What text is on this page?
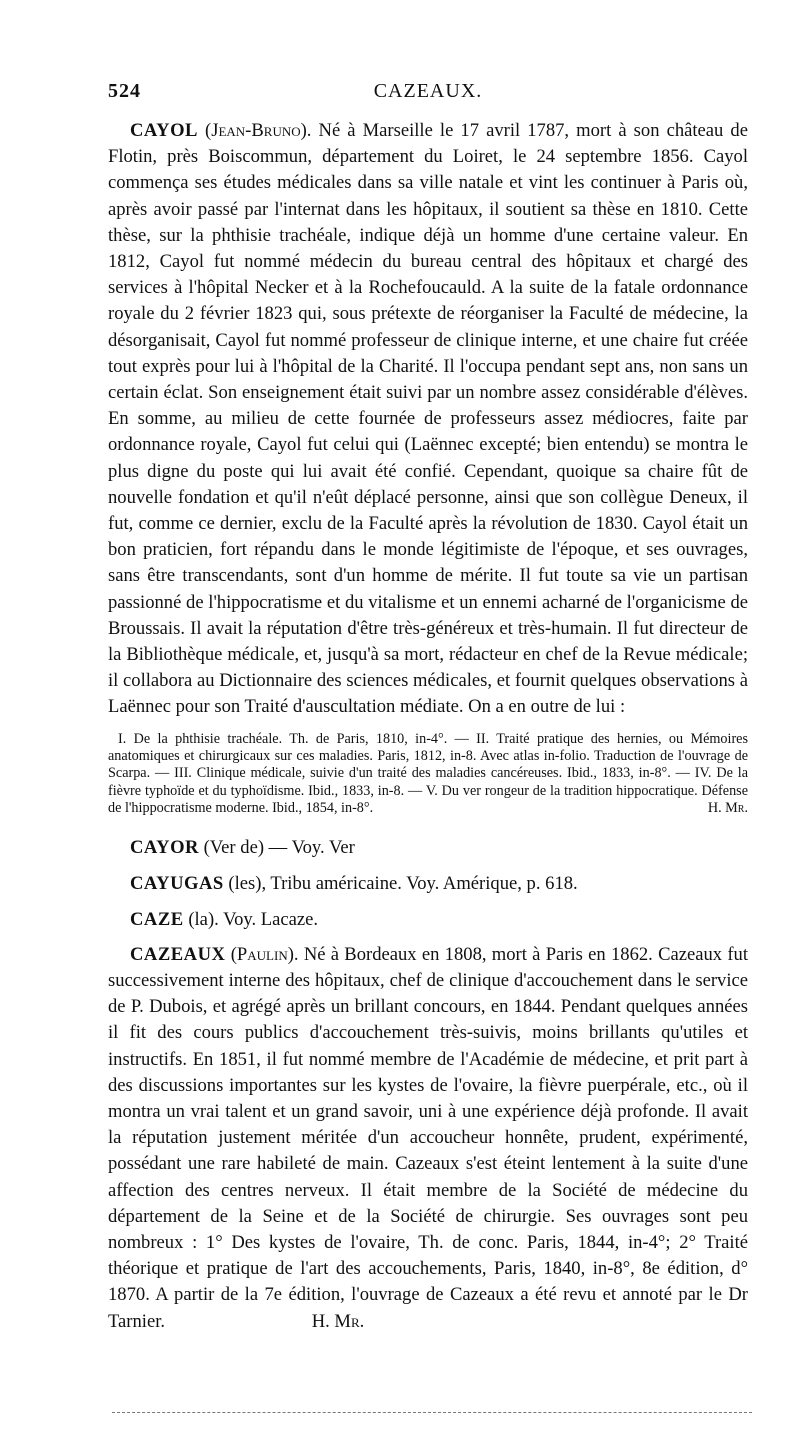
524	CAZEAUX.

CAYOL (Jean-Bruno). Né à Marseille le 17 avril 1787, mort à son château de Flotin, près Boiscommun, département du Loiret, le 24 septembre 1856. Cayol commença ses études médicales dans sa ville natale et vint les continuer à Paris où, après avoir passé par l'internat dans les hôpitaux, il soutient sa thèse en 1810. Cette thèse, sur la phthisie trachéale, indique déjà un homme d'une certaine valeur. En 1812, Cayol fut nommé médecin du bureau central des hôpitaux et chargé des services à l'hôpital Necker et à la Rochefoucauld. A la suite de la fatale ordonnance royale du 2 février 1823 qui, sous prétexte de réorganiser la Faculté de médecine, la désorganisait, Cayol fut nommé professeur de clinique interne, et une chaire fut créée tout exprès pour lui à l'hôpital de la Charité. Il l'occupa pendant sept ans, non sans un certain éclat. Son enseignement était suivi par un nombre assez considérable d'élèves. En somme, au milieu de cette fournée de professeurs assez médiocres, faite par ordonnance royale, Cayol fut celui qui (Laënnec excepté; bien entendu) se montra le plus digne du poste qui lui avait été confié. Cependant, quoique sa chaire fût de nouvelle fondation et qu'il n'eût déplacé personne, ainsi que son collègue Deneux, il fut, comme ce dernier, exclu de la Faculté après la révolution de 1830. Cayol était un bon praticien, fort répandu dans le monde légitimiste de l'époque, et ses ouvrages, sans être transcendants, sont d'un homme de mérite. Il fut toute sa vie un partisan passionné de l'hippocratisme et du vitalisme et un ennemi acharné de l'organicisme de Broussais. Il avait la réputation d'être très-généreux et très-humain. Il fut directeur de la Bibliothèque médicale, et, jusqu'à sa mort, rédacteur en chef de la Revue médicale; il collabora au Dictionnaire des sciences médicales, et fournit quelques observations à Laënnec pour son Traité d'auscultation médiate. On a en outre de lui :

I. De la phthisie trachéale. Th. de Paris, 1810, in-4°. — II. Traité pratique des hernies, ou Mémoires anatomiques et chirurgicaux sur ces maladies. Paris, 1812, in-8. Avec atlas in-folio. Traduction de l'ouvrage de Scarpa. — III. Clinique médicale, suivie d'un traité des maladies cancéreuses. Ibid., 1833, in-8°. — IV. De la fièvre typhoïde et du typhoïdisme. Ibid., 1833, in-8. — V. Du ver rongeur de la tradition hippocratique. Défense de l'hippocratisme moderne. Ibid., 1854, in-8°.	H. Mr.

CAYOR (Ver de) — Voy. Ver

CAYUGAS (les), Tribu américaine. Voy. Amérique, p. 618.

CAZE (la). Voy. Lacaze.

CAZEAUX (Paulin). Né à Bordeaux en 1808, mort à Paris en 1862. Cazeaux fut successivement interne des hôpitaux, chef de clinique d'accouchement dans le service de P. Dubois, et agrégé après un brillant concours, en 1844. Pendant quelques années il fit des cours publics d'accouchement très-suivis, moins brillants qu'utiles et instructifs. En 1851, il fut nommé membre de l'Académie de médecine, et prit part à des discussions importantes sur les kystes de l'ovaire, la fièvre puerpérale, etc., où il montra un vrai talent et un grand savoir, uni à une expérience déjà profonde. Il avait la réputation justement méritée d'un accoucheur honnête, prudent, expérimenté, possédant une rare habileté de main. Cazeaux s'est éteint lentement à la suite d'une affection des centres nerveux. Il était membre de la Société de médecine du département de la Seine et de la Société de chirurgie. Ses ouvrages sont peu nombreux : 1° Des kystes de l'ovaire, Th. de conc. Paris, 1844, in-4°; 2° Traité théorique et pratique de l'art des accouchements, Paris, 1840, in-8°, 8e édition, d° 1870. A partir de la 7e édition, l'ouvrage de Cazeaux a été revu et annoté par le Dr Tarnier.	H. Mr.
